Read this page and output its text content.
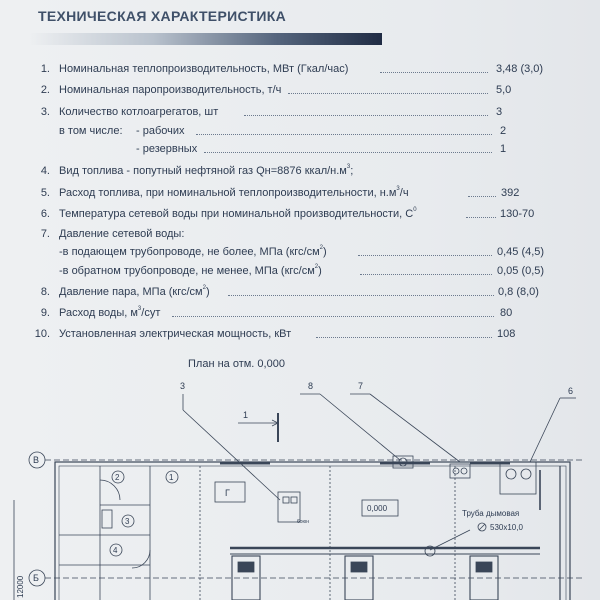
ТЕХНИЧЕСКАЯ ХАРАКТЕРИСТИКА
1. Номинальная теплопроизводительность, МВт (Гкал/час)	3,48 (3,0)
2. Номинальная паропроизводительность, т/ч	5,0
3. Количество котлоагрегатов, шт	3
в том числе: - рабочих	2
- резервных	1
4. Вид топлива - попутный нефтяной газ Qн=8876 ккал/$н.м^3$;
5. Расход топлива, при номинальной теплопроизводительности, $н.м^3/ч$	392
6. Температура сетевой воды при номинальной производительности, $С^0$	130-70
7. Давление сетевой воды:
-в подающем трубопроводе, не более, МПа $(кгс/см^2)$	0,45 (4,5)
-в обратном трубопроводе, не менее, МПа $(кгс/см^2)$	0,05 (0,5)
8. Давление пара, МПа $(кгс/см^2)$	0,8 (8,0)
9. Расход воды, $м^3$/сут	80
10. Установленная электрическая мощность, кВт	108
План на отм. 0,000
3	8	7	6
1
В
Б
12000
2	1
3
4
Г
6оюн
0,000
Труба дымовая
530х10,0
